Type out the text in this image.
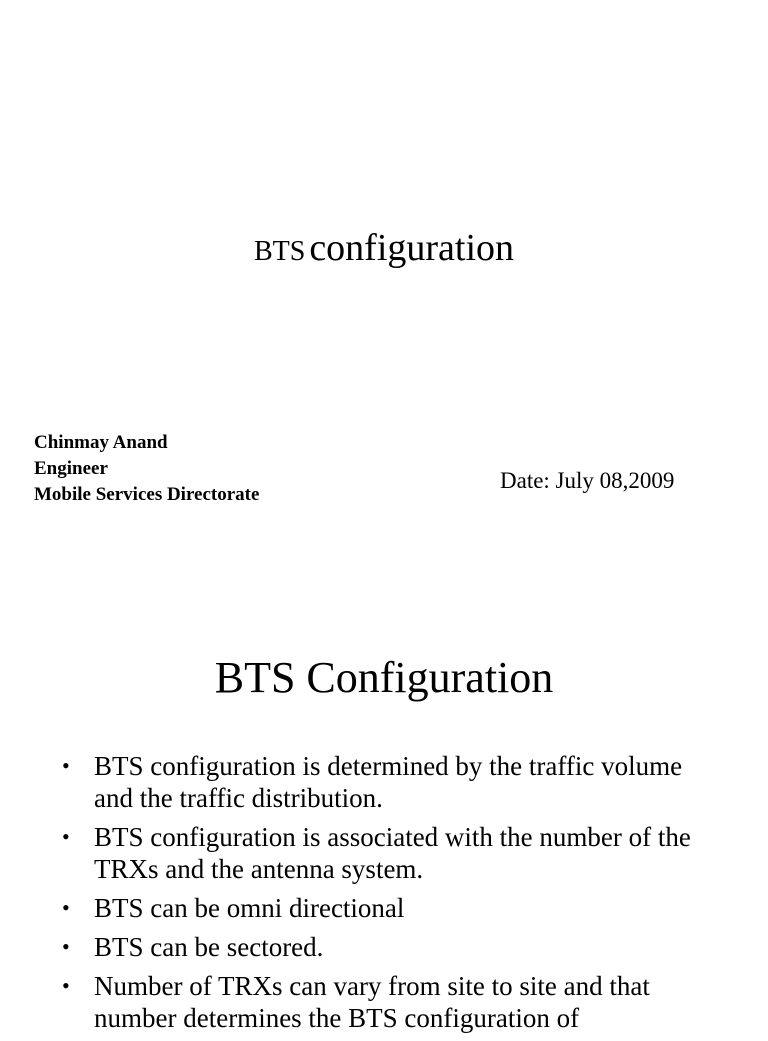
BTS configuration
Chinmay Anand
Engineer
Mobile Services Directorate
Date: July 08,2009
BTS Configuration
• BTS configuration is determined by the traffic volume and the traffic distribution.
• BTS configuration is associated with the number of the TRXs and the antenna system.
• BTS can be omni directional
• BTS can be sectored.
• Number of TRXs can vary from site to site and that number determines the BTS configuration of
